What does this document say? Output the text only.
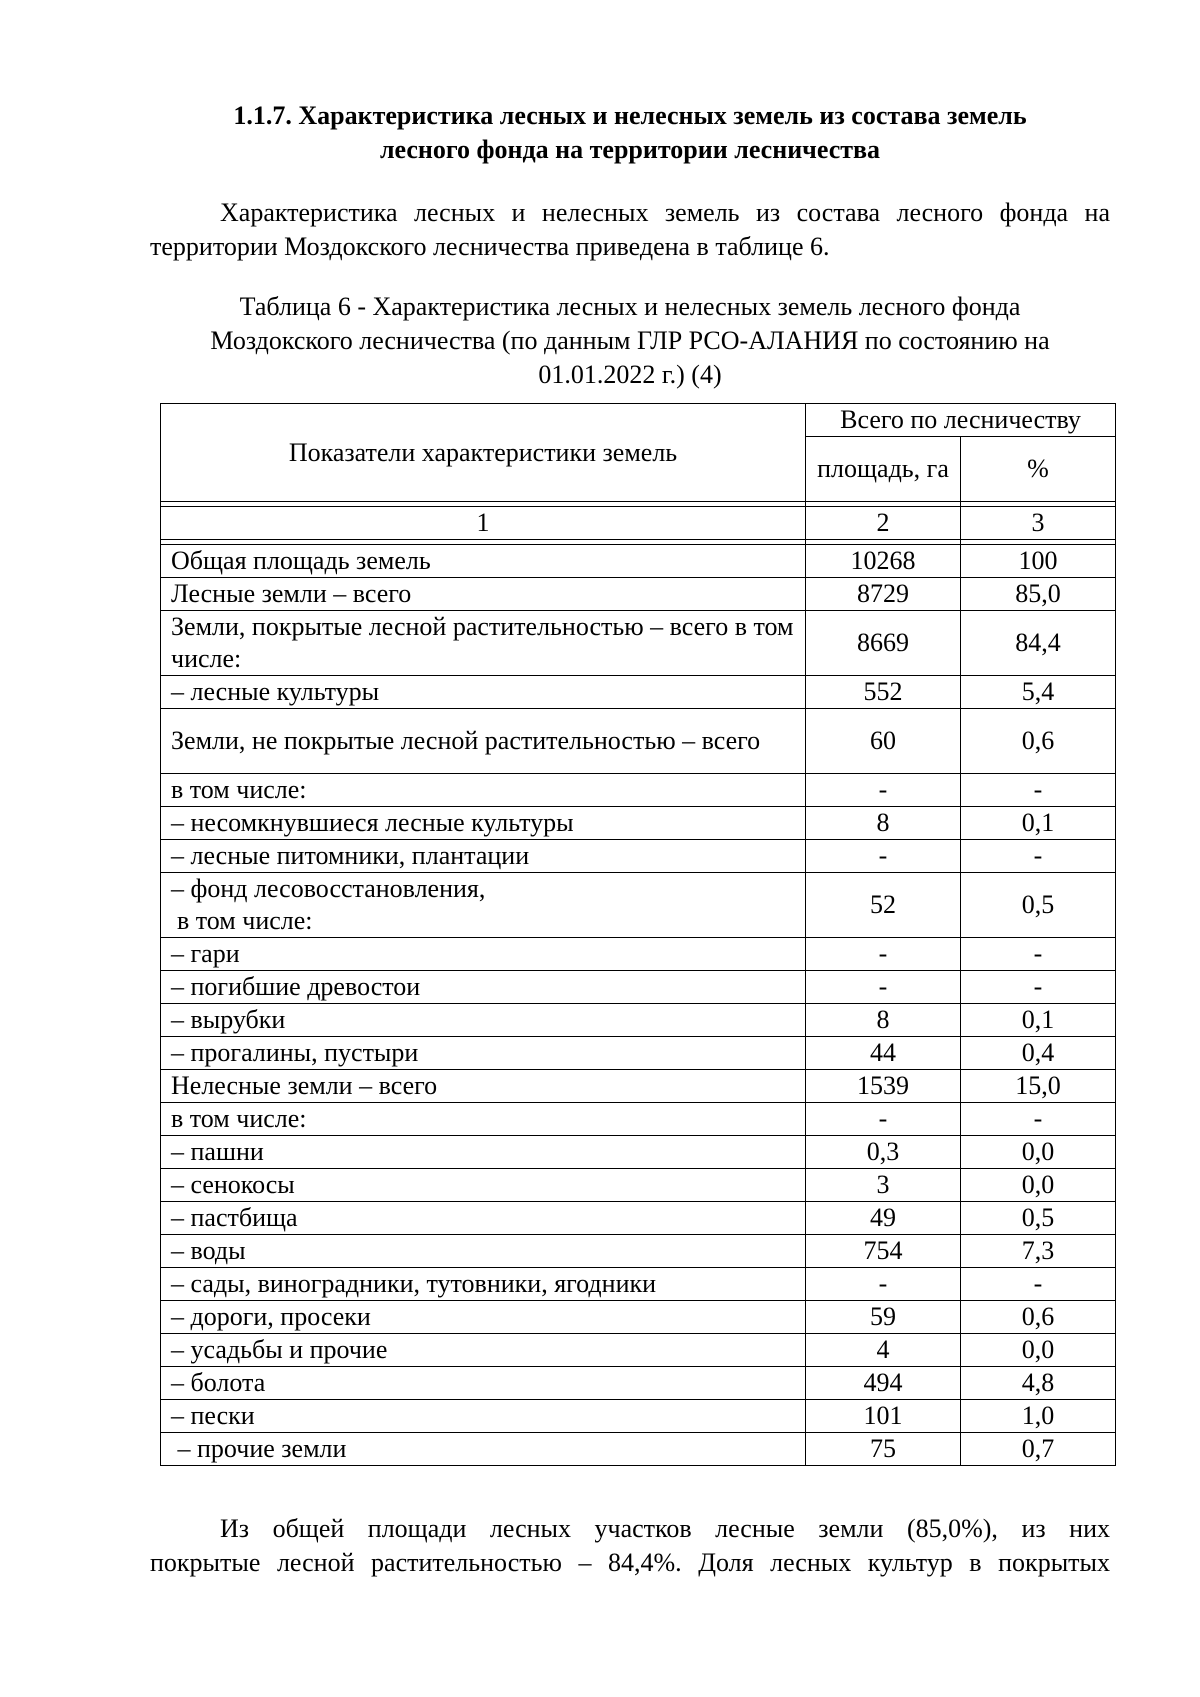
1.1.7. Характеристика лесных и нелесных земель из состава земель
лесного фонда на территории лесничества
Характеристика лесных и нелесных земель из состава лесного фонда на
территории Моздокского лесничества приведена в таблице 6.
Таблица 6 - Характеристика лесных и нелесных земель лесного фонда
Моздокского лесничества (по данным ГЛР РСО-АЛАНИЯ по состоянию на
01.01.2022 г.) (4)
Показатели характеристики земель	Всего по лесничеству	
	площадь, га	%

1	2	3

Общая площадь земель	10268	100

Лесные земли – всего	8729	85,0

Земли, покрытые лесной растительностью – всего в том числе:	8669	84,4

– лесные культуры	552	5,4

Земли, не покрытые лесной растительностью – всего	60	0,6

в том числе:	-	-

– несомкнувшиеся лесные культуры	8	0,1

– лесные питомники, плантации	-	-

– фонд лесовосстановления,
в том числе:	52	0,5

– гари	-	-

– погибшие древостои	-	-

– вырубки	8	0,1

– прогалины, пустыри	44	0,4

Нелесные земли – всего	1539	15,0

в том числе:	-	-

– пашни	0,3	0,0

– сенокосы	3	0,0

– пастбища	49	0,5

– воды	754	7,3

– сады, виноградники, тутовники, ягодники	-	-

– дороги, просеки	59	0,6

– усадьбы и прочие	4	0,0

– болота	494	4,8

– пески	101	1,0

– прочие земли	75	0,7
Из общей площади лесных участков лесные земли (85,0%), из них
покрытые лесной растительностью – 84,4%. Доля лесных культур в покрытых
